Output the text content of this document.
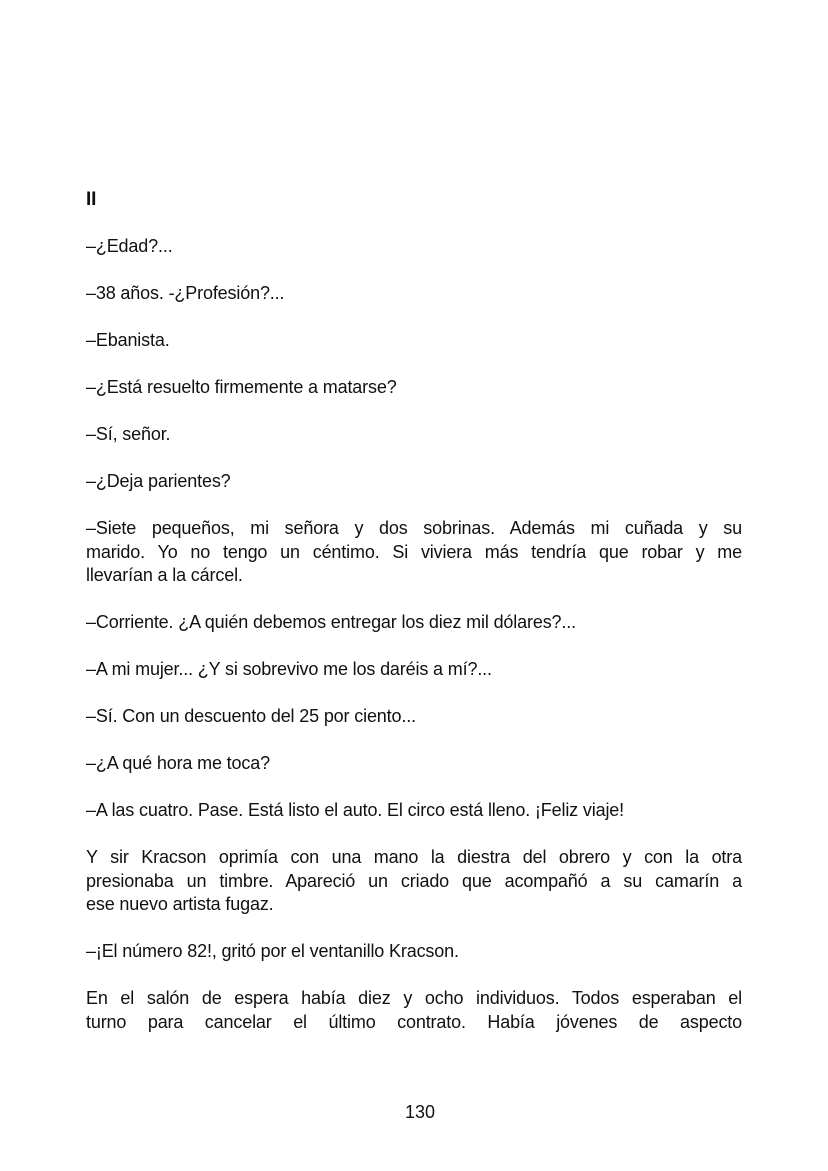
II
–¿Edad?...
–38 años. -¿Profesión?...
–Ebanista.
–¿Está resuelto firmemente a matarse?
–Sí, señor.
–¿Deja parientes?
–Siete pequeños, mi señora y dos sobrinas. Además mi cuñada y su
marido. Yo no tengo un céntimo. Si viviera más tendría que robar y me
llevarían a la cárcel.
–Corriente. ¿A quién debemos entregar los diez mil dólares?...
–A mi mujer... ¿Y si sobrevivo me los daréis a mí?...
–Sí. Con un descuento del 25 por ciento...
–¿A qué hora me toca?
–A las cuatro. Pase. Está listo el auto. El circo está lleno. ¡Feliz viaje!
Y sir Kracson oprimía con una mano la diestra del obrero y con la otra
presionaba un timbre. Apareció un criado que acompañó a su camarín a
ese nuevo artista fugaz.
–¡El número 82!, gritó por el ventanillo Kracson.
En el salón de espera había diez y ocho individuos. Todos esperaban el
turno para cancelar el último contrato. Había jóvenes de aspecto
130
